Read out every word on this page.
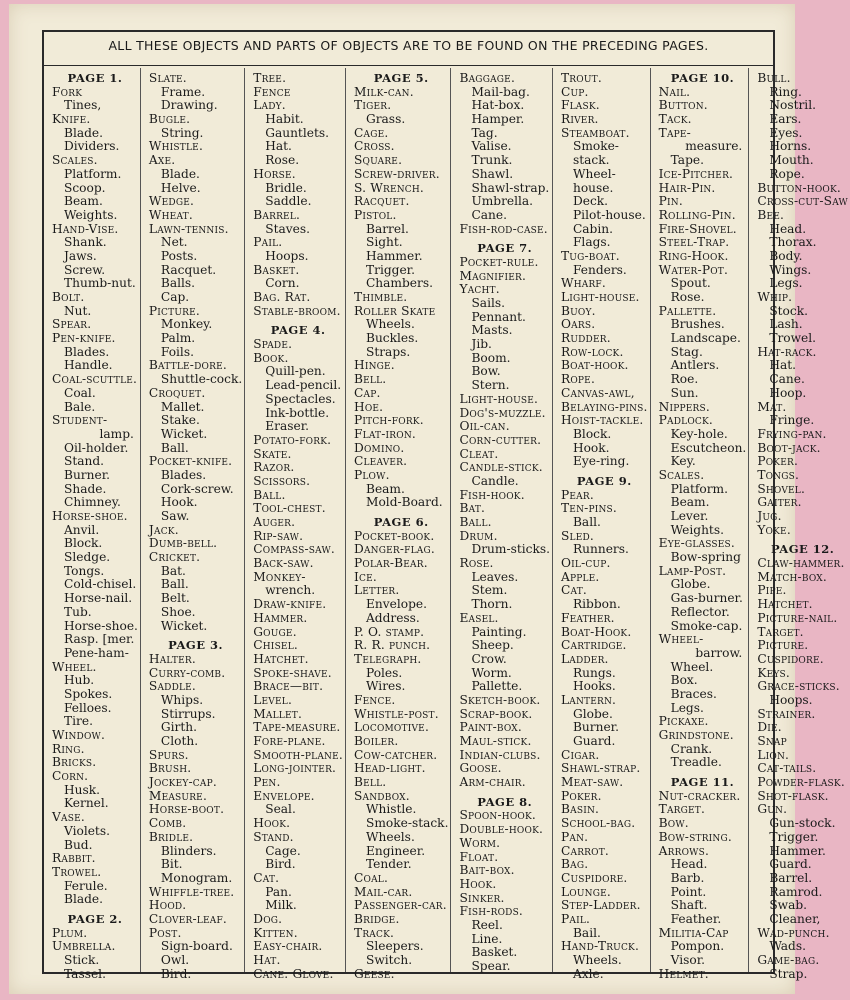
ALL THESE OBJECTS AND PARTS OF OBJECTS ARE TO BE FOUND ON THE PRECEDING PAGES.
PAGE 1.
Fork
Tines,
Knife.
Blade.
Dividers.
Scales.
Platform.
Scoop.
Beam.
Weights.
Hand-Vise.
Shank.
Jaws.
Screw.
Thumb-nut.
Bolt.
Nut.
Spear.
Pen-knife.
Blades.
Handle.
Coal-scuttle.
Coal.
Bale.
Student-
lamp.
Oil-holder.
Stand.
Burner.
Shade.
Chimney.
Horse-shoe.
Anvil.
Block.
Sledge.
Tongs.
Cold-chisel.
Horse-nail.
Tub.
Horse-shoe.
Rasp. [mer.
Pene-ham-
Wheel.
Hub.
Spokes.
Felloes.
Tire.
Window.
Ring.
Bricks.
Corn.
Husk.
Kernel.
Vase.
Violets.
Bud.
Rabbit.
Trowel.
Ferule.
Blade.
PAGE 2.
Plum.
Umbrella.
Stick.
Tassel.
Slate.
Frame.
Drawing.
Bugle.
String.
Whistle.
Axe.
Blade.
Helve.
Wedge.
Wheat.
Lawn-tennis.
Net.
Posts.
Racquet.
Balls.
Cap.
Picture.
Monkey.
Palm.
Foils.
Battle-dore.
Shuttle-cock.
Croquet.
Mallet.
Stake.
Wicket.
Ball.
Pocket-knife.
Blades.
Cork-screw.
Hook.
Saw.
Jack.
Dumb-bell.
Cricket.
Bat.
Ball.
Belt.
Shoe.
Wicket.
PAGE 3.
Halter.
Curry-comb.
Saddle.
Whips.
Stirrups.
Girth.
Cloth.
Spurs.
Brush.
Jockey-cap.
Measure.
Horse-boot.
Comb.
Bridle.
Blinders.
Bit.
Monogram.
Whiffle-tree.
Hood.
Clover-leaf.
Post.
Sign-board.
Owl.
Bird.
Tree.
Fence
Lady.
Habit.
Gauntlets.
Hat.
Rose.
Horse.
Bridle.
Saddle.
Barrel.
Staves.
Pail.
Hoops.
Basket.
Corn.
Bag. Rat.
Stable-broom.
PAGE 4.
Spade.
Book.
Quill-pen.
Lead-pencil.
Spectacles.
Ink-bottle.
Eraser.
Potato-fork.
Skate.
Razor.
Scissors.
Ball.
Tool-chest.
Auger.
Rip-saw.
Compass-saw.
Back-saw.
Monkey-
wrench.
Draw-knife.
Hammer.
Gouge.
Chisel.
Hatchet.
Spoke-shave.
Brace—bit.
Level.
Mallet.
Tape-measure.
Fore-plane.
Smooth-plane.
Long-jointer.
Pen.
Envelope.
Seal.
Hook.
Stand.
Cage.
Bird.
Cat.
Pan.
Milk.
Dog.
Kitten.
Easy-chair.
Hat.
Cane. Glove.
PAGE 5.
Milk-can.
Tiger.
Grass.
Cage.
Cross.
Square.
Screw-driver.
S. Wrench.
Racquet.
Pistol.
Barrel.
Sight.
Hammer.
Trigger.
Chambers.
Thimble.
Roller Skate
Wheels.
Buckles.
Straps.
Hinge.
Bell.
Cap.
Hoe.
Pitch-fork.
Flat-iron.
Domino.
Cleaver.
Plow.
Beam.
Mold-Board.
PAGE 6.
Pocket-book.
Danger-flag.
Polar-Bear.
Ice.
Letter.
Envelope.
Address.
P. O. stamp.
R. R. punch.
Telegraph.
Poles.
Wires.
Fence.
Whistle-post.
Locomotive.
Boiler.
Cow-catcher.
Head-light.
Bell.
Sandbox.
Whistle.
Smoke-stack.
Wheels.
Engineer.
Tender.
Coal.
Mail-car.
Passenger-car.
Bridge.
Track.
Sleepers.
Switch.
Geese.
Baggage.
Mail-bag.
Hat-box.
Hamper.
Tag.
Valise.
Trunk.
Shawl.
Shawl-strap.
Umbrella.
Cane.
Fish-rod-case.
PAGE 7.
Pocket-rule.
Magnifier.
Yacht.
Sails.
Pennant.
Masts.
Jib.
Boom.
Bow.
Stern.
Light-house.
Dog's-muzzle.
Oil-can.
Corn-cutter.
Cleat.
Candle-stick.
Candle.
Fish-hook.
Bat.
Ball.
Drum.
Drum-sticks.
Rose.
Leaves.
Stem.
Thorn.
Easel.
Painting.
Sheep.
Crow.
Worm.
Pallette.
Sketch-book.
Scrap-book.
Paint-box.
Maul-stick.
Indian-clubs.
Goose.
Arm-chair.
PAGE 8.
Spoon-hook.
Double-hook.
Worm.
Float.
Bait-box.
Hook.
Sinker.
Fish-rods.
Reel.
Line.
Basket.
Spear.
Trout.
Cup.
Flask.
River.
Steamboat.
Smoke-
stack.
Wheel-
house.
Deck.
Pilot-house.
Cabin.
Flags.
Tug-boat.
Fenders.
Wharf.
Light-house.
Buoy.
Oars.
Rudder.
Row-lock.
Boat-hook.
Rope.
Canvas-awl,
Belaying-pins.
Hoist-tackle.
Block.
Hook.
Eye-ring.
PAGE 9.
Pear.
Ten-pins.
Ball.
Sled.
Runners.
Oil-cup.
Apple.
Cat.
Ribbon.
Feather.
Boat-Hook.
Cartridge.
Ladder.
Rungs.
Hooks.
Lantern.
Globe.
Burner.
Guard.
Cigar.
Shawl-strap.
Meat-saw.
Poker.
Basin.
School-bag.
Pan.
Carrot.
Bag.
Cuspidore.
Lounge.
Step-Ladder.
Pail.
Bail.
Hand-Truck.
Wheels.
Axle.
PAGE 10.
Nail.
Button.
Tack.
Tape-
measure.
Tape.
Ice-Pitcher.
Hair-Pin.
Pin.
Rolling-Pin.
Fire-Shovel.
Steel-Trap.
Ring-Hook.
Water-Pot.
Spout.
Rose.
Pallette.
Brushes.
Landscape.
Stag.
Antlers.
Roe.
Sun.
Nippers.
Padlock.
Key-hole.
Escutcheon.
Key.
Scales.
Platform.
Beam.
Lever.
Weights.
Eye-glasses.
Bow-spring
Lamp-Post.
Globe.
Gas-burner.
Reflector.
Smoke-cap.
Wheel-
barrow.
Wheel.
Box.
Braces.
Legs.
Pickaxe.
Grindstone.
Crank.
Treadle.
PAGE 11.
Nut-cracker.
Target.
Bow.
Bow-string.
Arrows.
Head.
Barb.
Point.
Shaft.
Feather.
Militia-Cap
Pompon.
Visor.
Helmet.
Bull.
Ring.
Nostril.
Ears.
Eyes.
Horns.
Mouth.
Rope.
Button-hook.
Cross-cut-Saw
Bee.
Head.
Thorax.
Body.
Wings.
Legs.
Whip.
Stock.
Lash.
Trowel.
Hat-rack.
Hat.
Cane.
Hoop.
Mat.
Fringe.
Frying-pan.
Boot-jack.
Poker.
Tongs.
Shovel.
Gaiter.
Jug.
Yoke.
PAGE 12.
Claw-hammer.
Match-box.
Pipe.
Hatchet.
Picture-nail.
Target.
Picture.
Cuspidore.
Keys.
Grace-sticks.
Hoops.
Strainer.
Die.
Snap
Lion.
Cat-tails.
Powder-flask.
Shot-flask.
Gun.
Gun-stock.
Trigger.
Hammer.
Guard.
Barrel.
Ramrod.
Swab.
Cleaner,
Wad-punch.
Wads.
Game-bag.
Strap.
